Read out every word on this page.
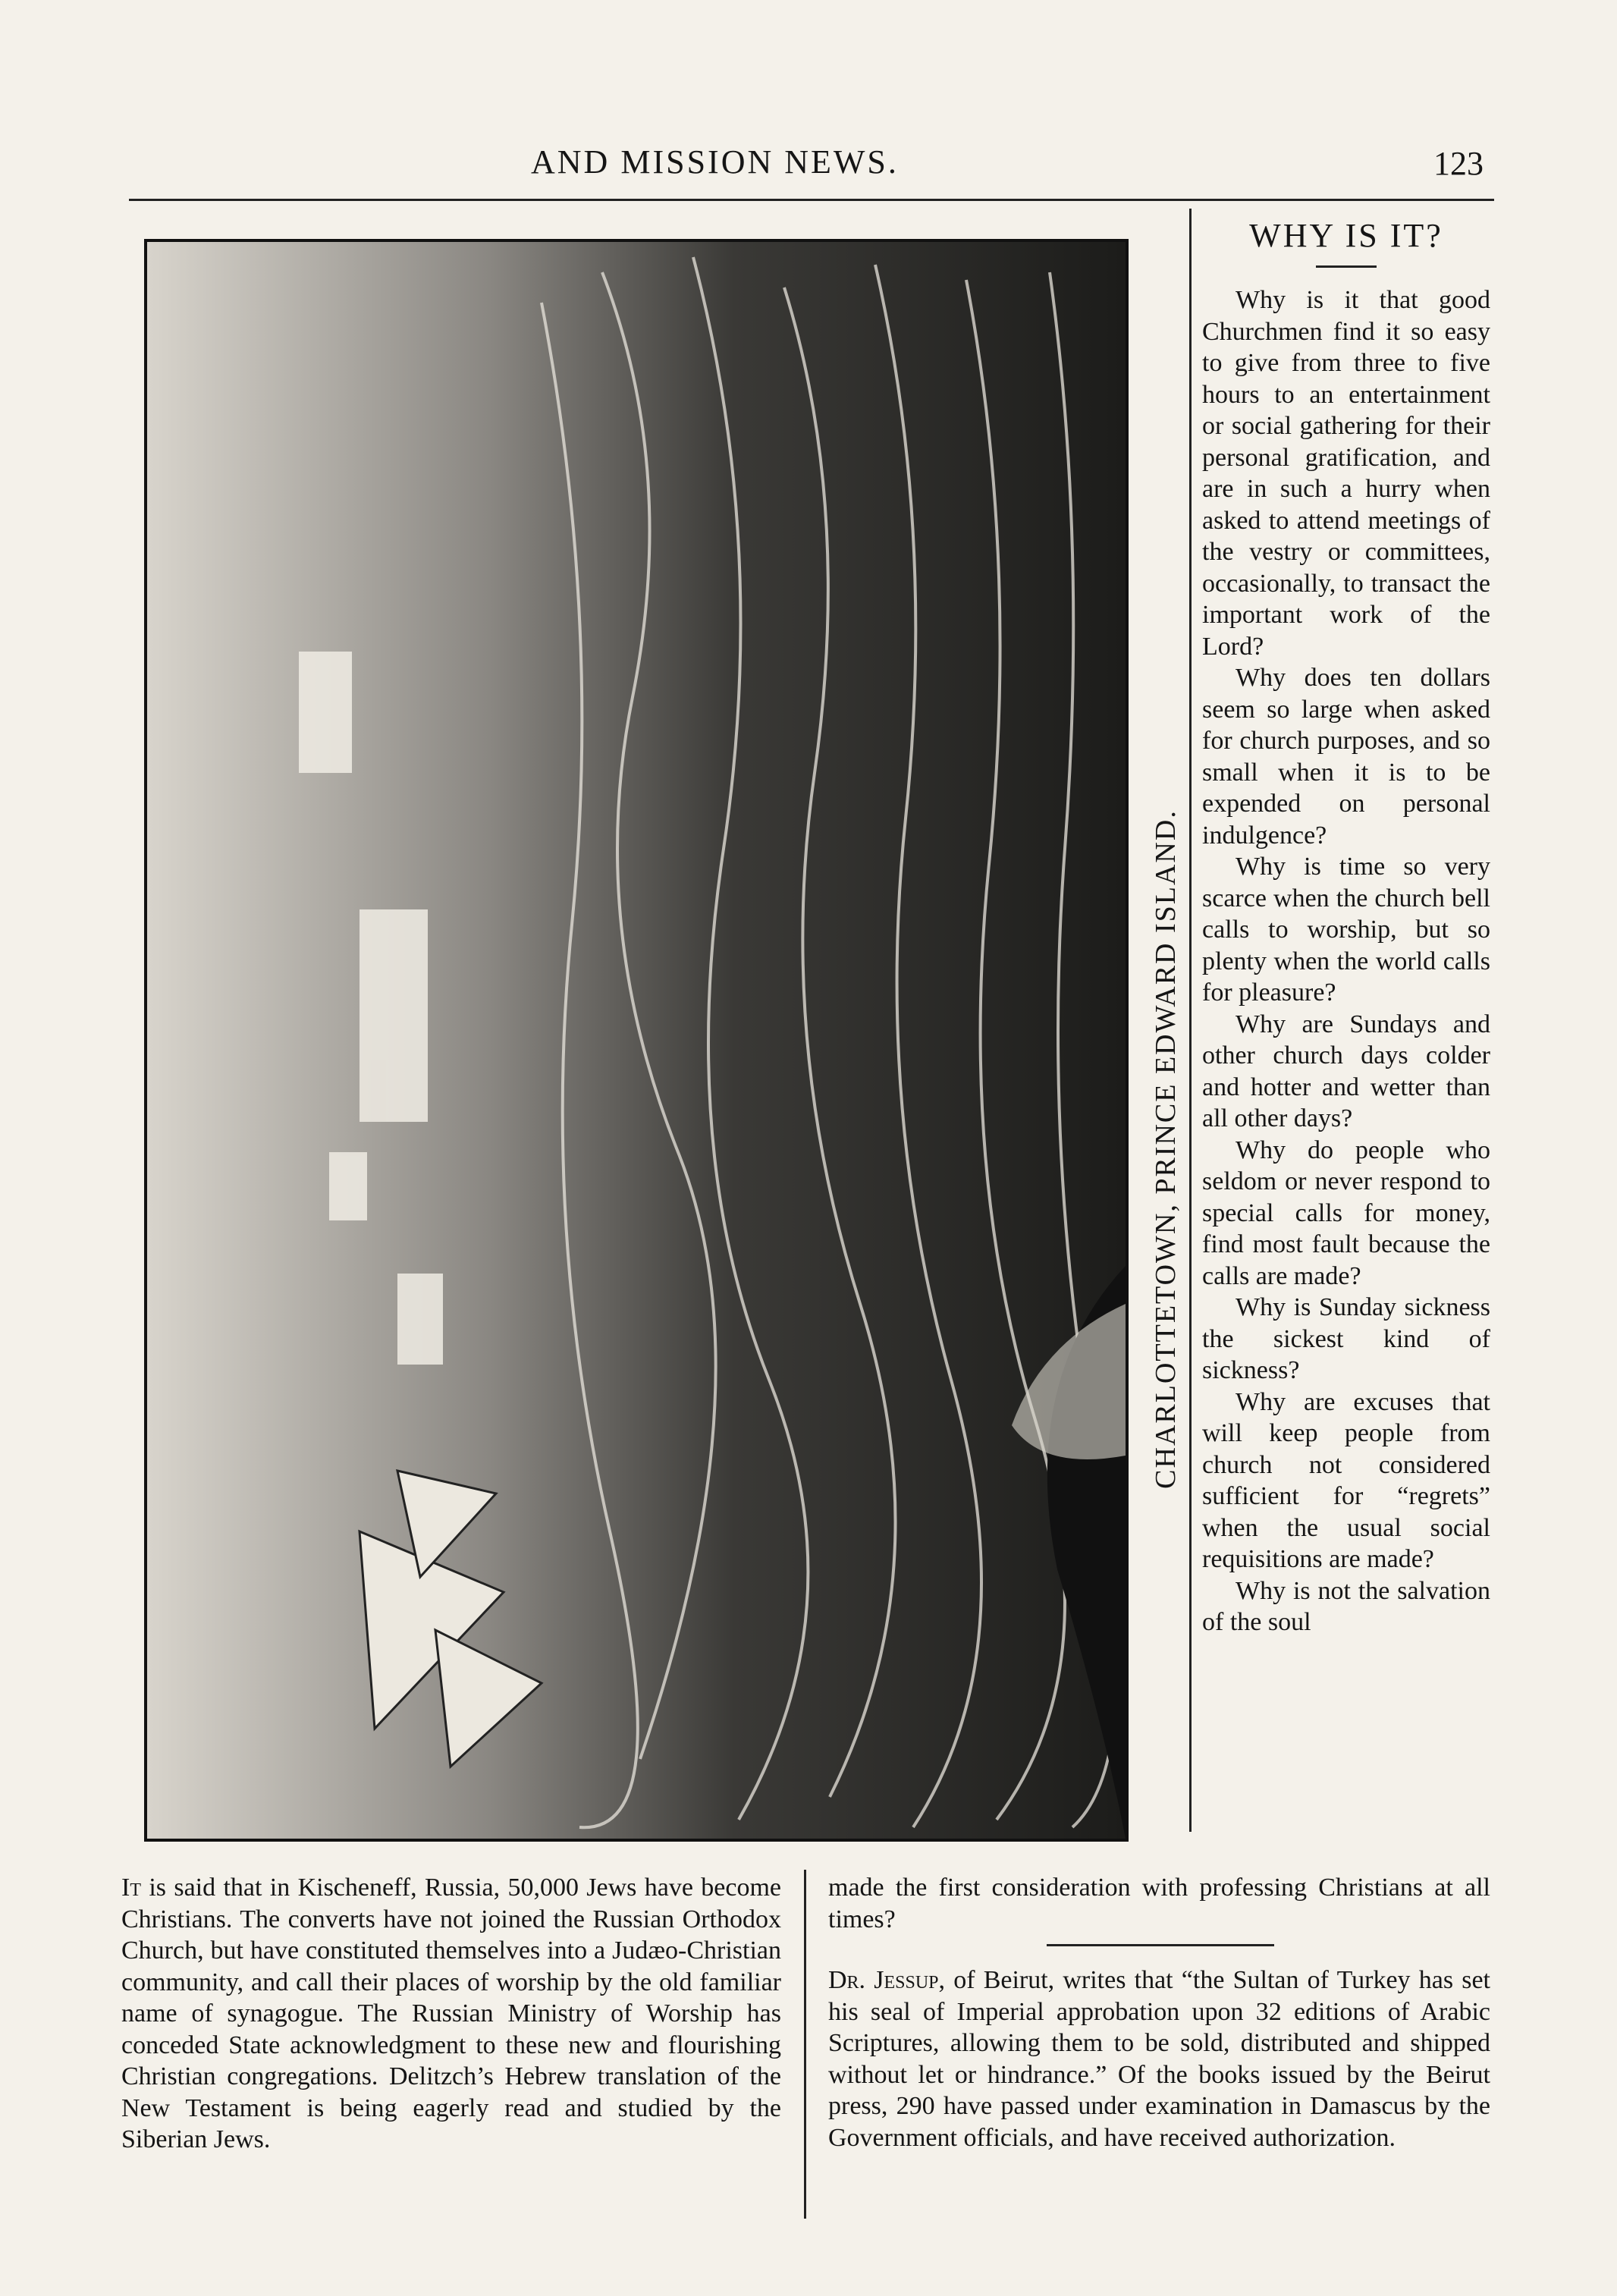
AND MISSION NEWS.	123
CHARLOTTETOWN, PRINCE EDWARD ISLAND.
WHY IS IT?

Why is it that good Churchmen find it so easy to give from three to five hours to an entertainment or social gathering for their personal gratification, and are in such a hurry when asked to attend meetings of the vestry or committees, occasionally, to transact the important work of the Lord?

Why does ten dollars seem so large when asked for church purposes, and so small when it is to be expended on personal indulgence?

Why is time so very scarce when the church bell calls to worship, but so plenty when the world calls for pleasure?

Why are Sundays and other church days colder and hotter and wetter than all other days?

Why do people who seldom or never respond to special calls for money, find most fault because the calls are made?

Why is Sunday sickness the sickest kind of sickness?

Why are excuses that will keep people from church not considered sufficient for “regrets” when the usual social requisitions are made?

Why is not the salvation of the soul

It is said that in Kischeneff, Russia, 50,000 Jews have become Christians. The converts have not joined the Russian Orthodox Church, but have constituted themselves into a Judæo-Christian community, and call their places of worship by the old familiar name of synagogue. The Russian Ministry of Worship has conceded State acknowledgment to these new and flourishing Christian congregations. Delitzch’s Hebrew translation of the New Testament is being eagerly read and studied by the Siberian Jews.

made the first consideration with professing Christians at all times?

Dr. Jessup, of Beirut, writes that “the Sultan of Turkey has set his seal of Imperial approbation upon 32 editions of Arabic Scriptures, allowing them to be sold, distributed and shipped without let or hindrance.” Of the books issued by the Beirut press, 290 have passed under examination in Damascus by the Government officials, and have received authorization.
